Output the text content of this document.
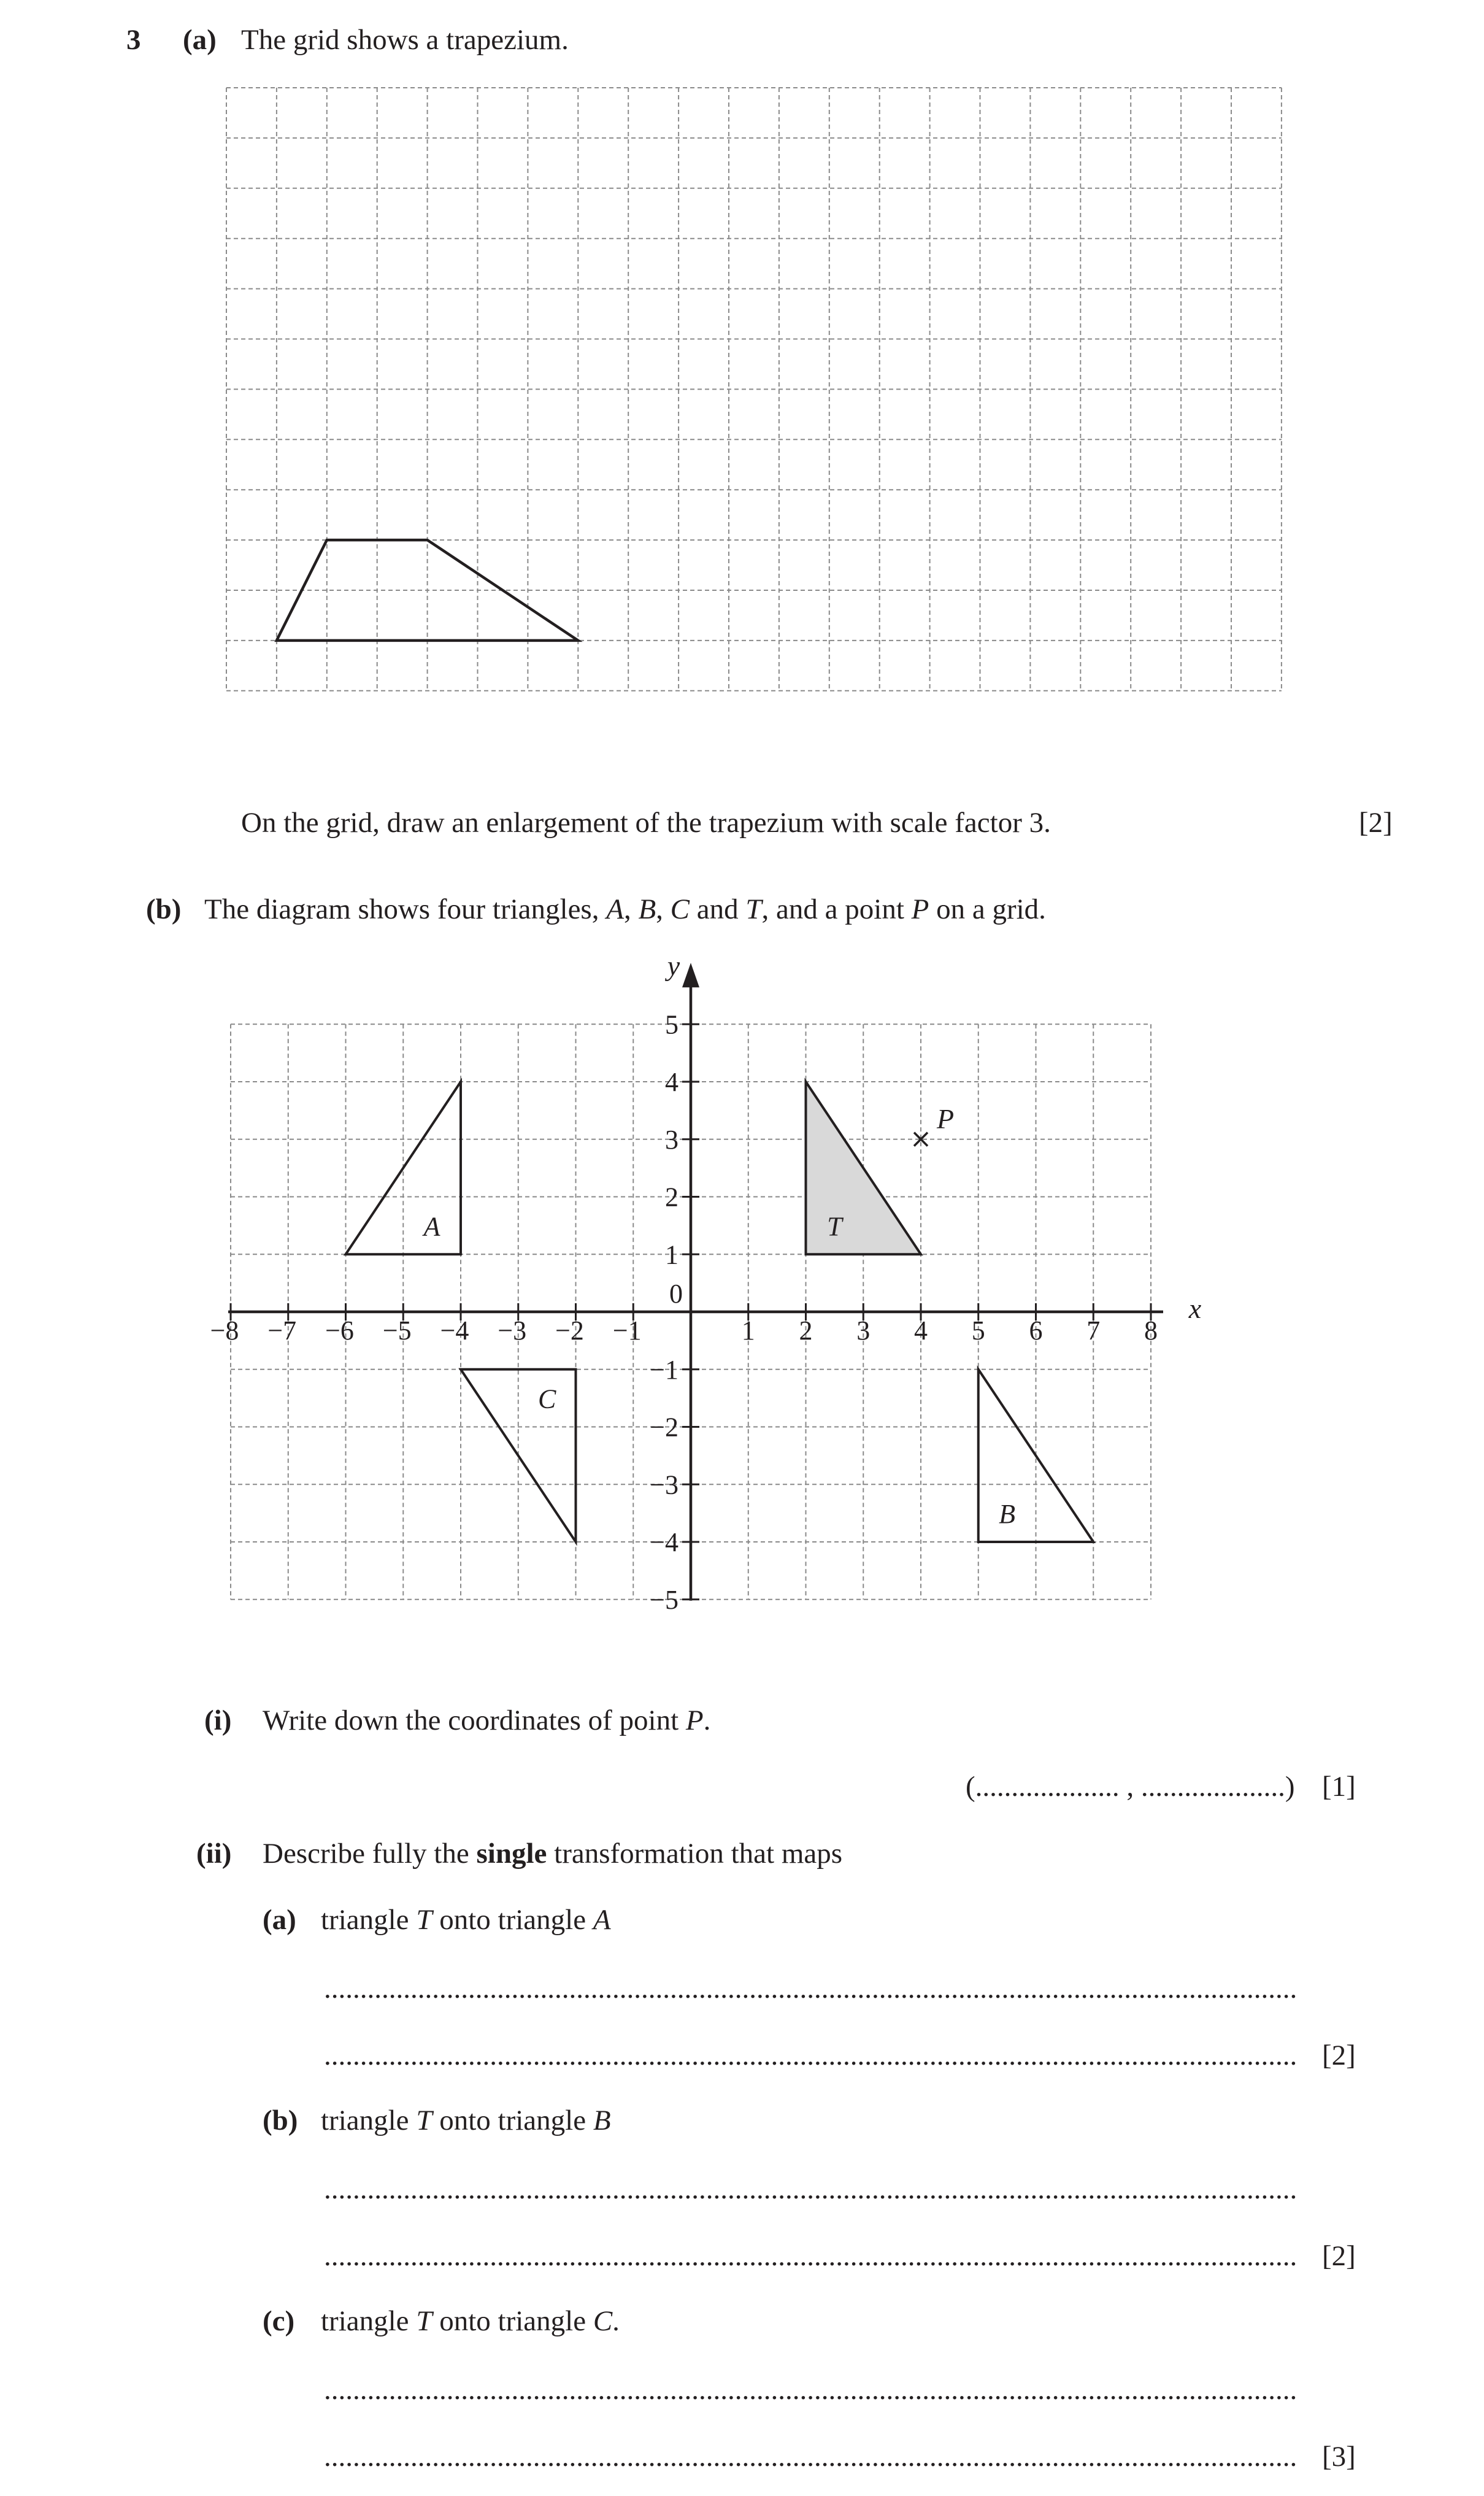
3 (a) The grid shows a trapezium.
On the grid, draw an enlargement of the trapezium with scale factor 3.	[2]
(b) The diagram shows four triangles, A, B, C and T, and a point P on a grid.
A	T
C
B
−8 −7 −6 −5 −4 −3 −2 −1	1 2 3 4 5 6 7 8
1
2
3
4
5
−1
−2
−3
−4
−5
0	x
y
P
(i) Write down the coordinates of point P.
(.................... , ....................) [1]
(ii) Describe fully the single transformation that maps
(a) triangle T onto triangle A
.......................................................................................................................................
....................................................................................................................................... [2]
(b) triangle T onto triangle B
.......................................................................................................................................
....................................................................................................................................... [2]
(c) triangle T onto triangle C.
.......................................................................................................................................
....................................................................................................................................... [3]
